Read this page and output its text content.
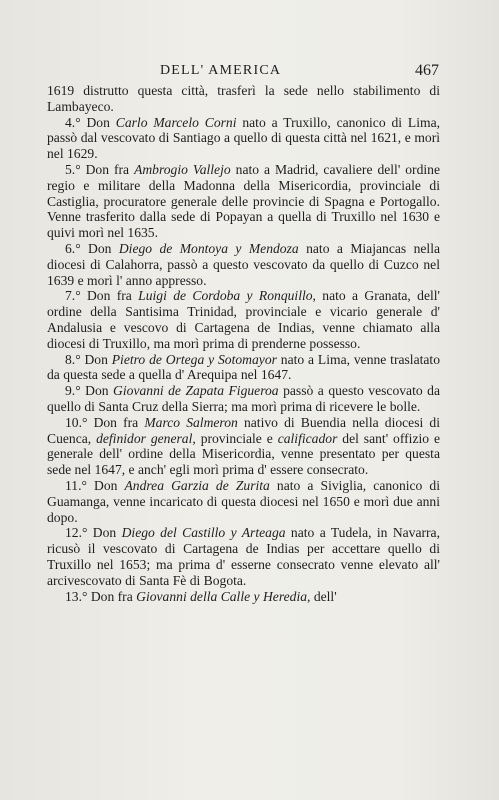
DELL' AMERICA	467

1619 distrutto questa città, trasferì la sede nello stabilimento di Lambayeco.

4.° Don Carlo Marcelo Corni nato a Truxillo, canonico di Lima, passò dal vescovato di Santiago a quello di questa città nel 1621, e morì nel 1629.

5.° Don fra Ambrogio Vallejo nato a Madrid, cavaliere dell' ordine regio e militare della Madonna della Misericordia, provinciale di Castiglia, procuratore generale delle provincie di Spagna e Portogallo. Venne trasferito dalla sede di Popayan a quella di Truxillo nel 1630 e quivi morì nel 1635.

6.° Don Diego de Montoya y Mendoza nato a Miajancas nella diocesi di Calahorra, passò a questo vescovato da quello di Cuzco nel 1639 e morì l' anno appresso.

7.° Don fra Luigi de Cordoba y Ronquillo, nato a Granata, dell' ordine della Santisima Trinidad, provinciale e vicario generale d' Andalusia e vescovo di Cartagena de Indias, venne chiamato alla diocesi di Truxillo, ma morì prima di prenderne possesso.

8.° Don Pietro de Ortega y Sotomayor nato a Lima, venne traslatato da questa sede a quella d' Arequipa nel 1647.

9.° Don Giovanni de Zapata Figueroa passò a questo vescovato da quello di Santa Cruz della Sierra; ma morì prima di ricevere le bolle.

10.° Don fra Marco Salmeron nativo di Buendia nella diocesi di Cuenca, definidor general, provinciale e calificador del sant' offizio e generale dell' ordine della Misericordia, venne presentato per questa sede nel 1647, e anch' egli morì prima d' essere consecrato.

11.° Don Andrea Garzia de Zurita nato a Siviglia, canonico di Guamanga, venne incaricato di questa diocesi nel 1650 e morì due anni dopo.

12.° Don Diego del Castillo y Arteaga nato a Tudela, in Navarra, ricusò il vescovato di Cartagena de Indias per accettare quello di Truxillo nel 1653; ma prima d' esserne consecrato venne elevato all' arcivescovato di Santa Fè di Bogota.

13.° Don fra Giovanni della Calle y Heredia, dell'
